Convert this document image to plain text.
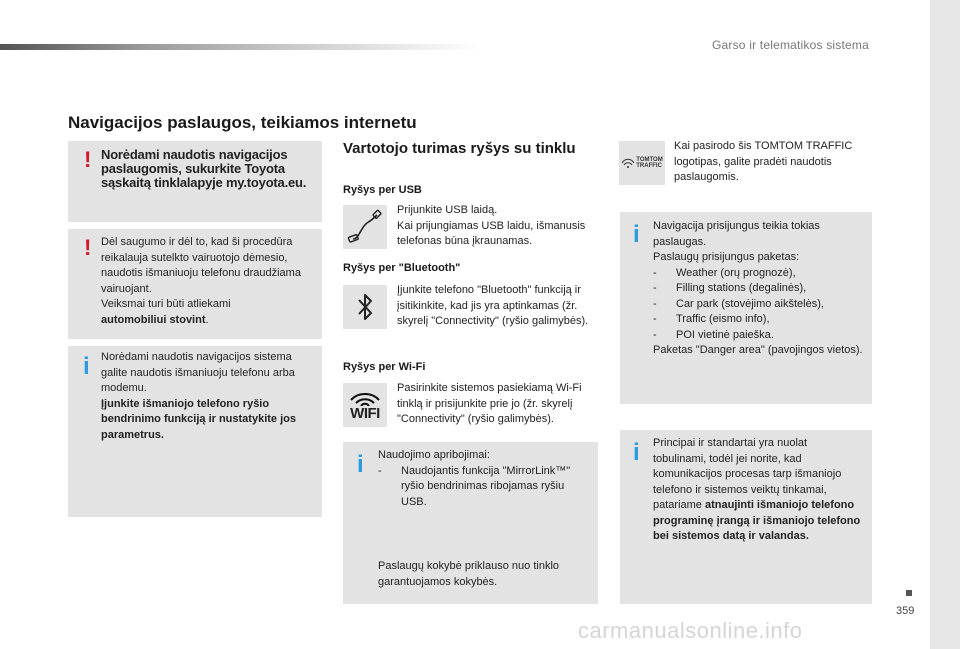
Garso ir telematikos sistema
Navigacijos paslaugos, teikiamos internetu
! Norėdami naudotis navigacijos paslaugomis, sukurkite Toyota sąskaitą tinklalapyje my.toyota.eu.
! Dėl saugumo ir dėl to, kad ši procedūra reikalauja sutelkto vairuotojo dėmesio, naudotis išmaniuoju telefonu draudžiama vairuojant.
Veiksmai turi būti atliekami
automobiliui stovint.
i Norėdami naudotis navigacijos sistema galite naudotis išmaniuoju telefonu arba modemu.
Įjunkite išmaniojo telefono ryšio bendrinimo funkciją ir nustatykite jos parametrus.
Vartotojo turimas ryšys su tinklu
Ryšys per USB
Prijunkite USB laidą.
Kai prijungiamas USB laidu, išmanusis telefonas būna įkraunamas.
Ryšys per "Bluetooth"
Įjunkite telefono "Bluetooth" funkciją ir įsitikinkite, kad jis yra aptinkamas (žr. skyrelį "Connectivity" (ryšio galimybės).
Ryšys per Wi-Fi
WIFI
Pasirinkite sistemos pasiekiamą Wi-Fi tinklą ir prisijunkite prie jo (žr. skyrelį "Connectivity" (ryšio galimybės).
i Naudojimo apribojimai:
- Naudojantis funkcija "MirrorLink™" ryšio bendrinimas ribojamas ryšiu USB.
Paslaugų kokybė priklauso nuo tinklo garantuojamos kokybės.
TOMTOM
TRAFFIC
Kai pasirodo šis TOMTOM TRAFFIC logotipas, galite pradėti naudotis paslaugomis.
i Navigacija prisijungus teikia tokias paslaugas.
Paslaugų prisijungus paketas:
- Weather (orų prognozė),
- Filling stations (degalinės),
- Car park (stovėjimo aikštelės),
- Traffic (eismo info),
- POI vietinė paieška.
Paketas "Danger area" (pavojingos vietos).
i Principai ir standartai yra nuolat tobulinami, todėl jei norite, kad komunikacijos procesas tarp išmaniojo telefono ir sistemos veiktų tinkamai, patariame atnaujinti išmaniojo telefono programinę įrangą ir išmaniojo telefono bei sistemos datą ir valandas.
359
carmanualsonline.info
